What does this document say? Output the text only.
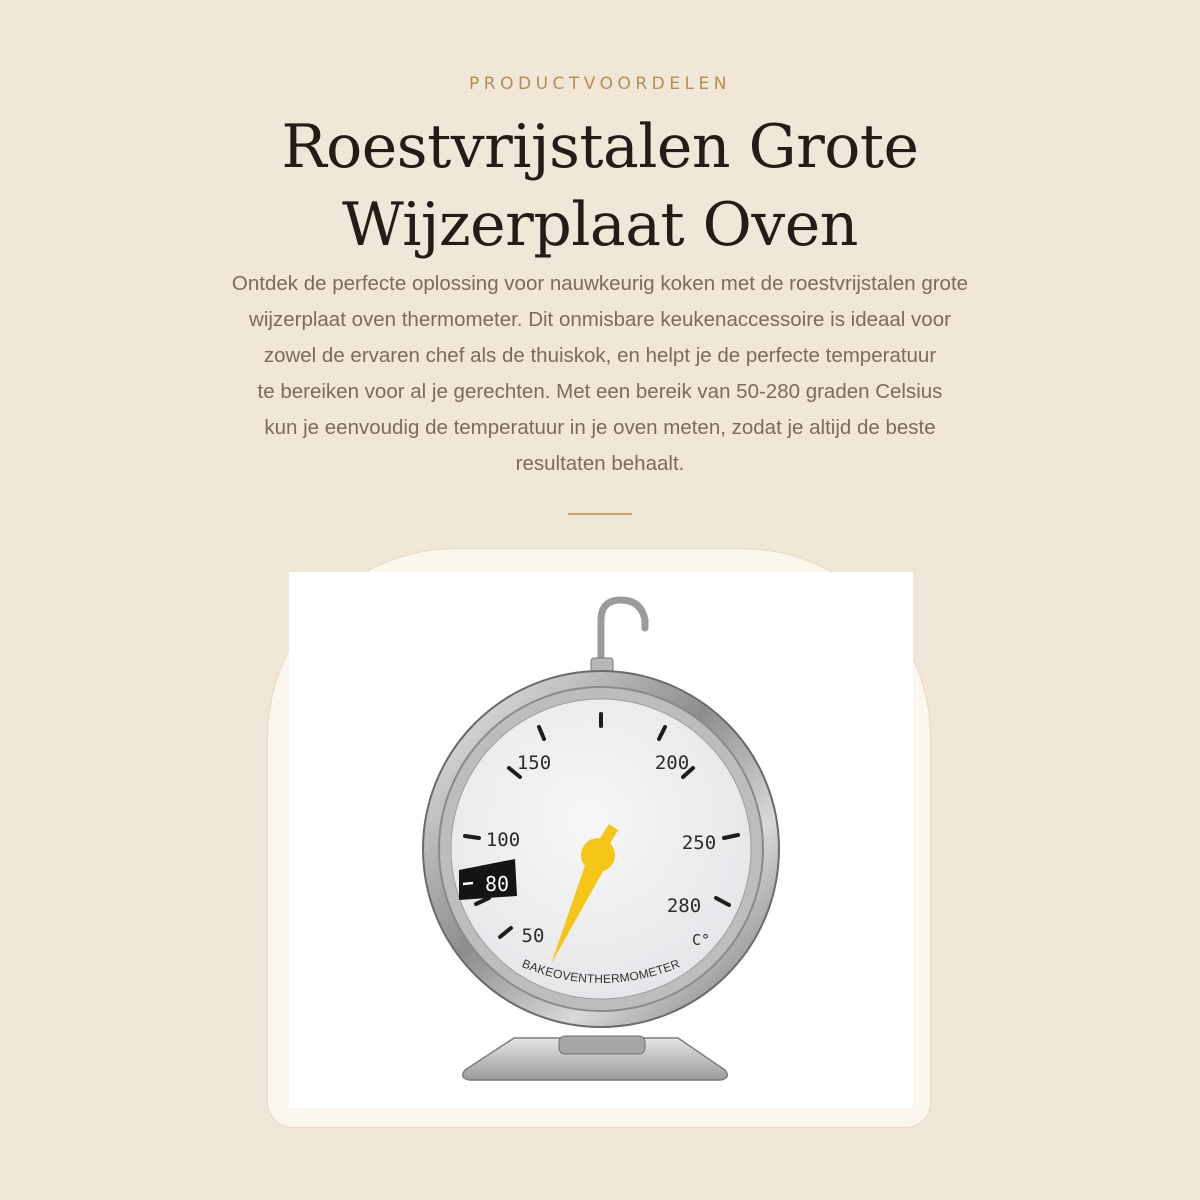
PRODUCTVOORDELEN
Roestvrijstalen Grote
Wijzerplaat Oven

Ontdek de perfecte oplossing voor nauwkeurig koken met de roestvrijstalen grote
wijzerplaat oven thermometer. Dit onmisbare keukenaccessoire is ideaal voor
zowel de ervaren chef als de thuiskok, en helpt je de perfecte temperatuur
te bereiken voor al je gerechten. Met een bereik van 50-280 graden Celsius
kun je eenvoudig de temperatuur in je oven meten, zodat je altijd de beste
resultaten behaalt.

150	200
100	250
280
50	C°
80
BAKEOVENTHERMOMETER
